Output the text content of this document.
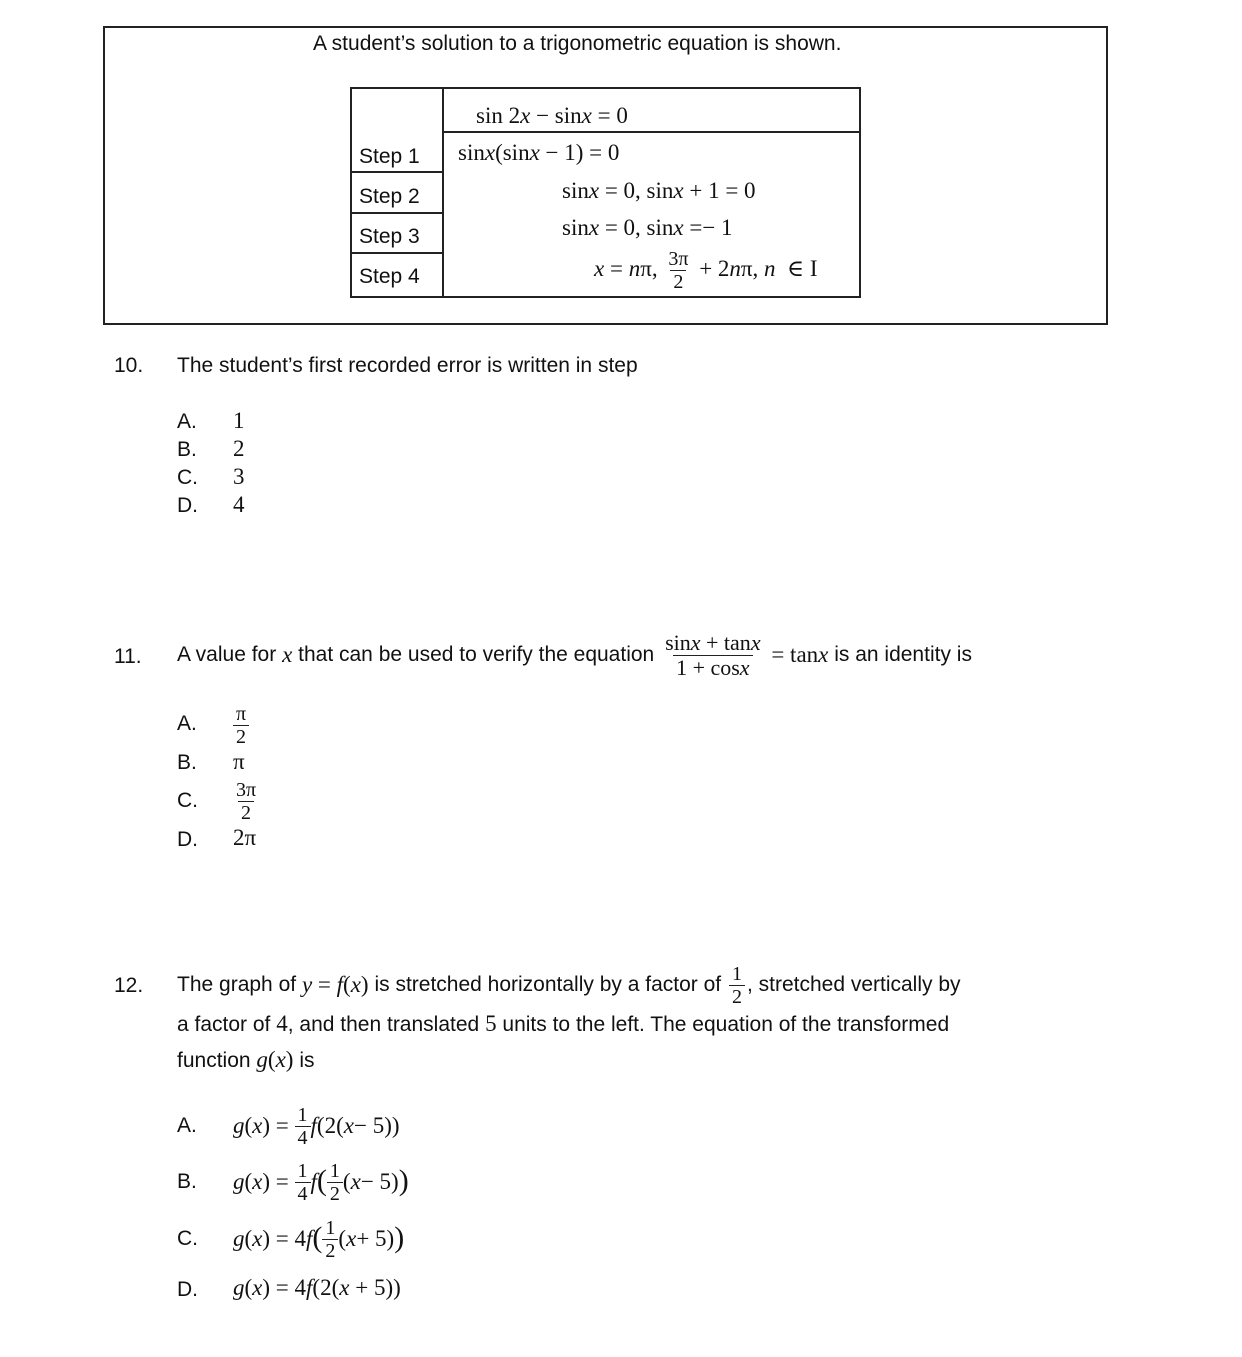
A student’s solution to a trigonometric equation is shown.
sin 2x − sinx = 0
Step 1
Step 2
Step 3
Step 4
sinx(sinx − 1) = 0
sinx = 0, sinx + 1 = 0
sinx = 0, sinx =− 1
x = nπ, $\frac{3\pi}{2} + 2n\pi$, n  ∈ I
10. The student’s first recorded error is written in step
A. 1
B. 2
C. 3
D. 4
11. A value for
x
that can be used to verify the equation
$\frac{\sin x + \tan x}{1 + \cos x} = \tan x$
is an identity is
A. $\frac{\pi}{2}$
B. π
C. $\frac{3\pi}{2}$
D. 2π
12. The graph of
y = f(x)
is stretched horizontally by a factor of
$\frac{1}{2}$ , stretched vertically by
a factor of 4, and then translated 5 units to the left. The equation of the transformed
function g(x) is
A. g ( x ) = $\frac{1}{4}$ f (2( x − 5))
B. g ( x ) = $\frac{1}{4}$ f ( $\frac{1}{2}$ ( x − 5) )
C. g ( x ) = 4 f ( $\frac{1}{2}$ ( x + 5) )
D. g(x) = 4f(2(x + 5))
